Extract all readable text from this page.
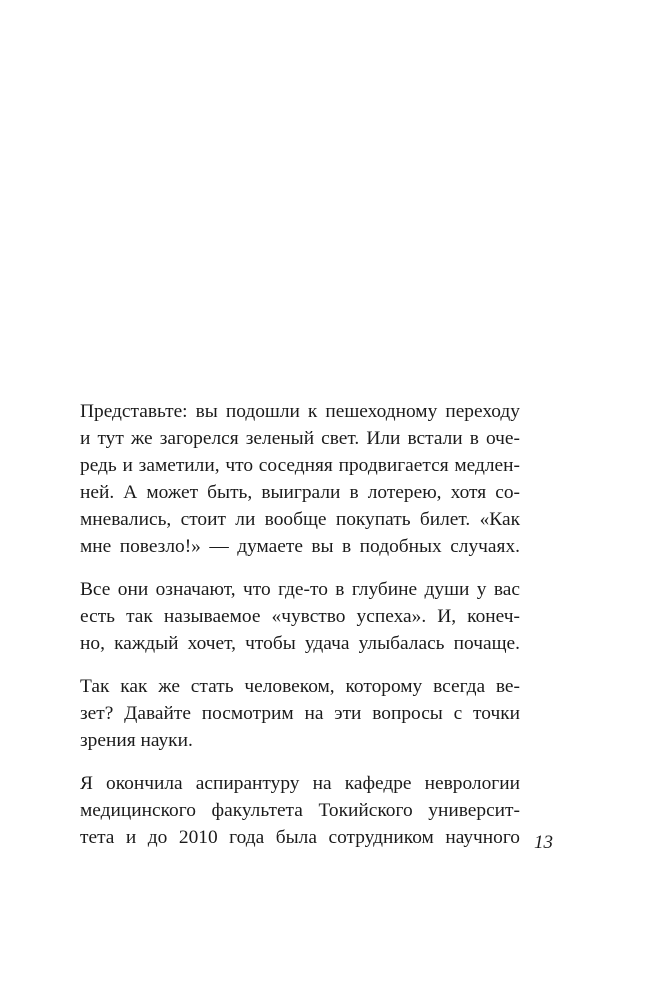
Представьте: вы подошли к пешеходному переходу
и тут же загорелся зеленый свет. Или встали в оче-
редь и заметили, что соседняя продвигается медлен-
ней. А может быть, выиграли в лотерею, хотя со-
мневались, стоит ли вообще покупать билет. «Как
мне повезло!» — думаете вы в подобных случаях.

Все они означают, что где-то в глубине души у вас
есть так называемое «чувство успеха». И, конеч-
но, каждый хочет, чтобы удача улыбалась почаще.

Так как же стать человеком, которому всегда ве-
зет? Давайте посмотрим на эти вопросы с точки
зрения науки.

Я окончила аспирантуру на кафедре неврологии
медицинского факультета Токийского университ-
тета и до 2010 года была сотрудником научного 13
